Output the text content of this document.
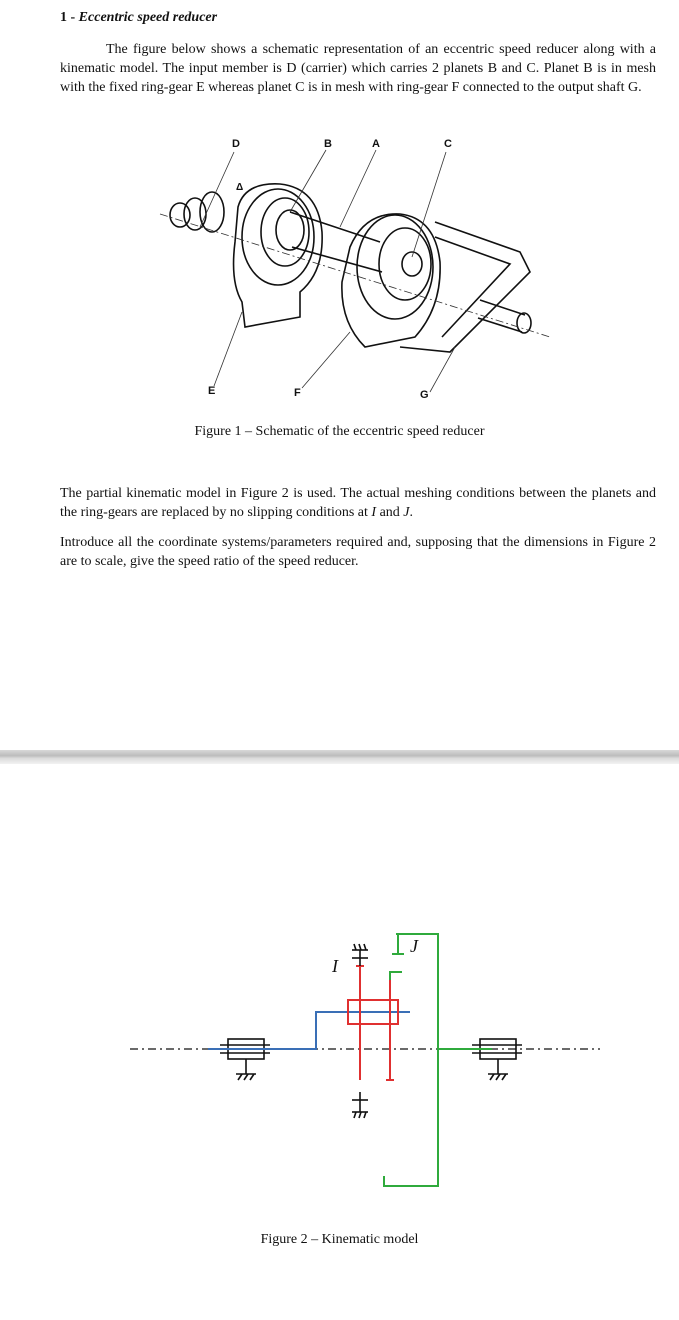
1 - Eccentric speed reducer

The figure below shows a schematic representation of an eccentric speed reducer along with a kinematic model. The input member is D (carrier) which carries 2 planets B and C. Planet B is in mesh with the fixed ring-gear E whereas planet C is in mesh with ring-gear F connected to the output shaft G.

D	B	A	C
Δ
E	F	G
Figure 1 – Schematic of the eccentric speed reducer

The partial kinematic model in Figure 2 is used. The actual meshing conditions between the planets and the ring-gears are replaced by no slipping conditions at I and J.

Introduce all the coordinate systems/parameters required and, supposing that the dimensions in Figure 2 are to scale, give the speed ratio of the speed reducer.

I
J
Figure 2 – Kinematic model
